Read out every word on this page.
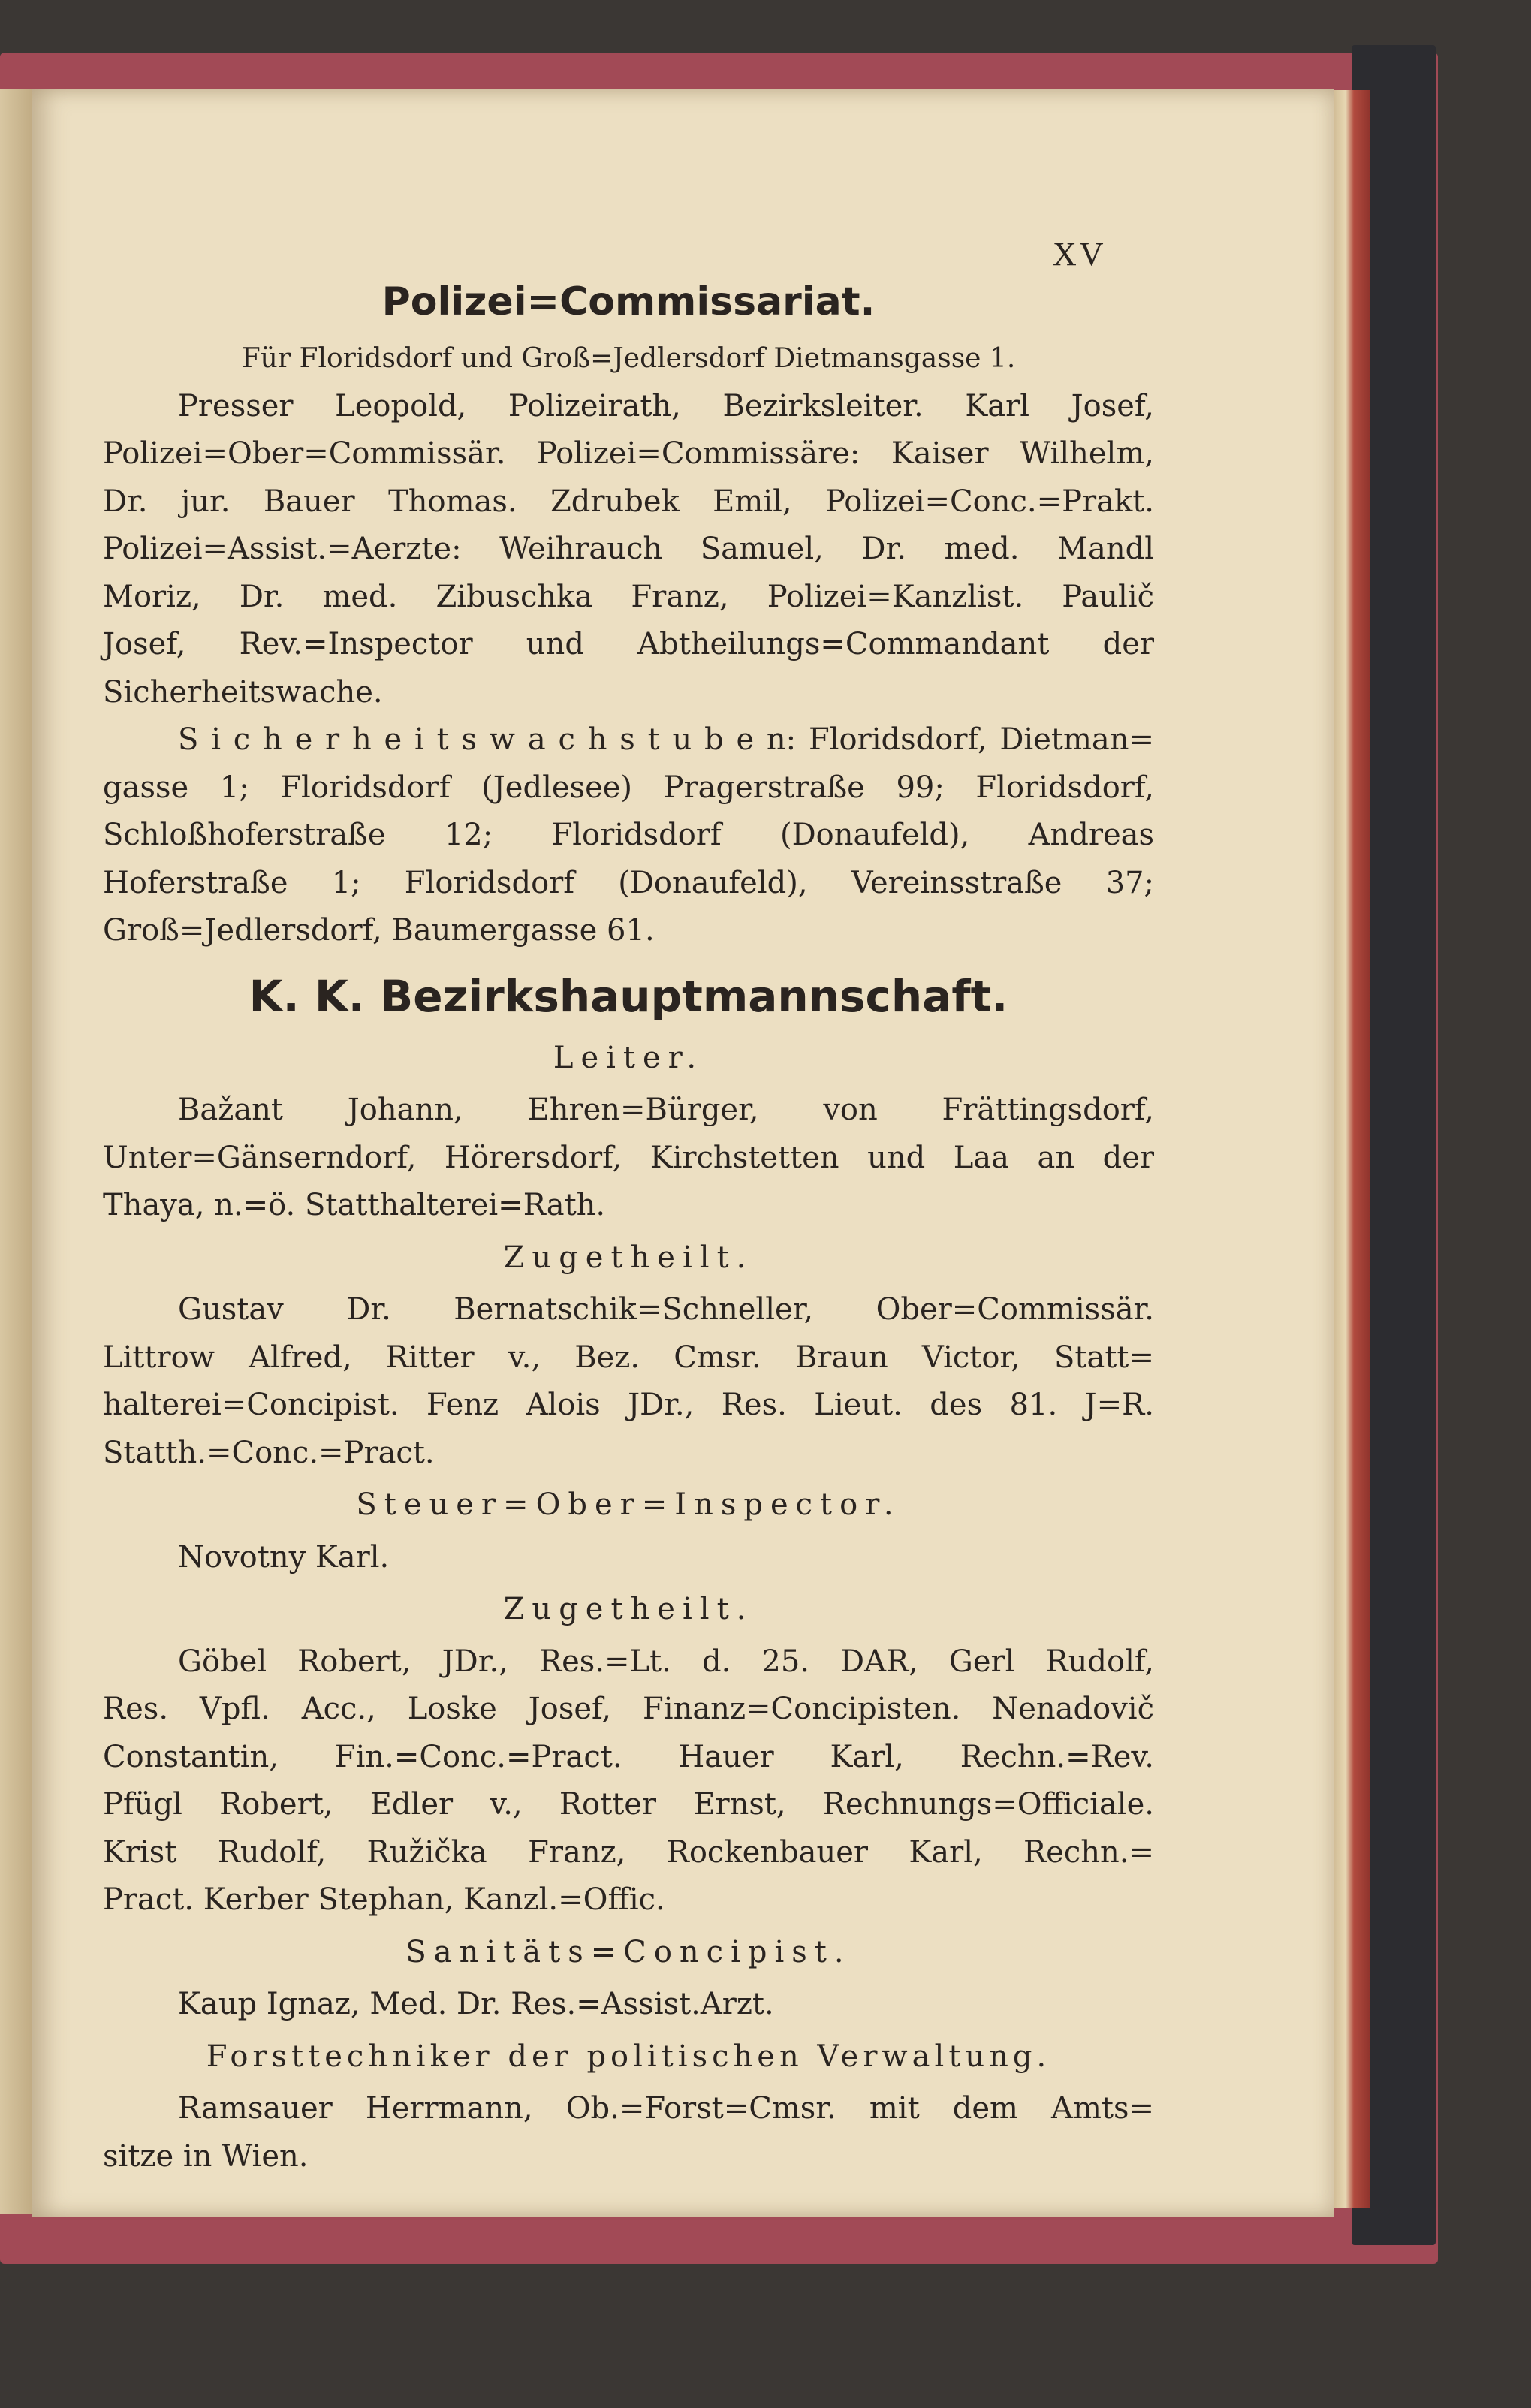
XV
Polizei=Commissariat.
Für Floridsdorf und Groß=Jedlersdorf Dietmansgasse 1.
Presser Leopold, Polizeirath, Bezirksleiter. Karl Josef,
Polizei=Ober=Commissär. Polizei=Commissäre: Kaiser Wilhelm,
Dr. jur. Bauer Thomas. Zdrubek Emil, Polizei=Conc.=Prakt.
Polizei=Assist.=Aerzte: Weihrauch Samuel, Dr. med. Mandl
Moriz, Dr. med. Zibuschka Franz, Polizei=Kanzlist. Paulič
Josef, Rev.=Inspector und Abtheilungs=Commandant der
Sicherheitswache.
S i c h e r h e i t s w a c h s t u b e n: Floridsdorf, Dietman=
gasse 1; Floridsdorf (Jedlesee) Pragerstraße 99; Floridsdorf,
Schloßhoferstraße 12; Floridsdorf (Donaufeld), Andreas
Hoferstraße 1; Floridsdorf (Donaufeld), Vereinsstraße 37;
Groß=Jedlersdorf, Baumergasse 61.
K. K. Bezirkshauptmannschaft.
Leiter.
Bažant Johann, Ehren=Bürger, von Frättingsdorf,
Unter=Gänserndorf, Hörersdorf, Kirchstetten und Laa an der
Thaya, n.=ö. Statthalterei=Rath.
Zugetheilt.
Gustav Dr. Bernatschik=Schneller, Ober=Commissär.
Littrow Alfred, Ritter v., Bez. Cmsr. Braun Victor, Statt=
halterei=Concipist. Fenz Alois JDr., Res. Lieut. des 81. J=R.
Statth.=Conc.=Pract.
Steuer=Ober=Inspector.
Novotny Karl.
Zugetheilt.
Göbel Robert, JDr., Res.=Lt. d. 25. DAR, Gerl Rudolf,
Res. Vpfl. Acc., Loske Josef, Finanz=Concipisten. Nenadovič
Constantin, Fin.=Conc.=Pract. Hauer Karl, Rechn.=Rev.
Pfügl Robert, Edler v., Rotter Ernst, Rechnungs=Officiale.
Krist Rudolf, Ružička Franz, Rockenbauer Karl, Rechn.=
Pract. Kerber Stephan, Kanzl.=Offic.
Sanitäts=Concipist.
Kaup Ignaz, Med. Dr. Res.=Assist.Arzt.
Forsttechniker der politischen Verwaltung.
Ramsauer Herrmann, Ob.=Forst=Cmsr. mit dem Amts=
sitze in Wien.
